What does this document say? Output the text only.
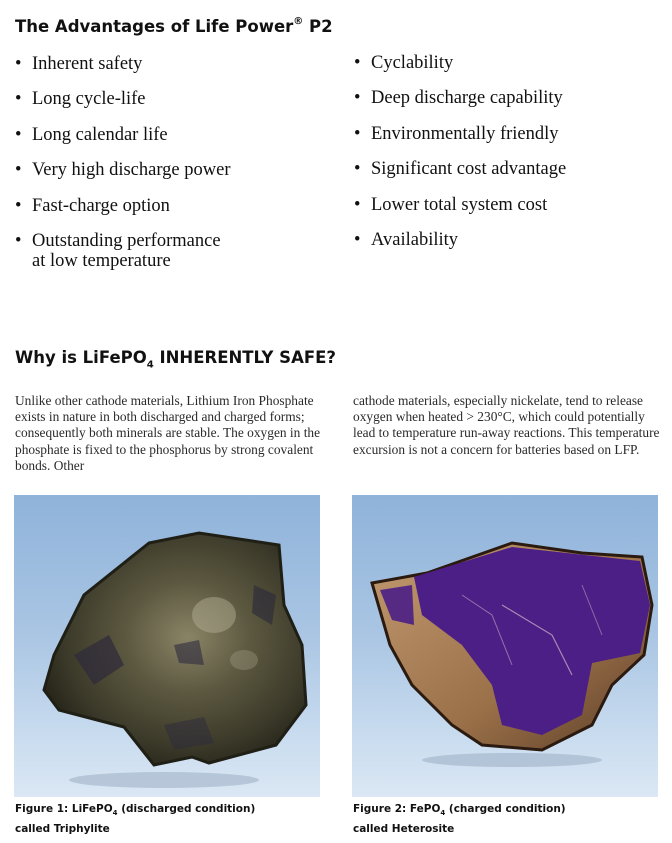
The Advantages of Life Power® P2
• Inherent safety
• Long cycle-life
• Long calendar life
• Very high discharge power
• Fast-charge option
• Outstanding performance
at low temperature
• Cyclability
• Deep discharge capability
• Environmentally friendly
• Significant cost advantage
• Lower total system cost
• Availability
Why is LiFePO$_4$ INHERENTLY SAFE?

Unlike other cathode materials, Lithium Iron Phosphate exists in nature in both discharged and charged forms; consequently both minerals are stable. The oxygen in the phosphate is fixed to the phosphorus by strong covalent bonds. Other

cathode materials, especially nickelate, tend to release oxygen when heated > 230°C, which could potentially lead to temperature run-away reactions. This temperature excursion is not a concern for batteries based on LFP.

Figure 1: LiFePO$_4$ (discharged condition)
called Triphylite
Figure 2: FePO$_4$ (charged condition)
called Heterosite
